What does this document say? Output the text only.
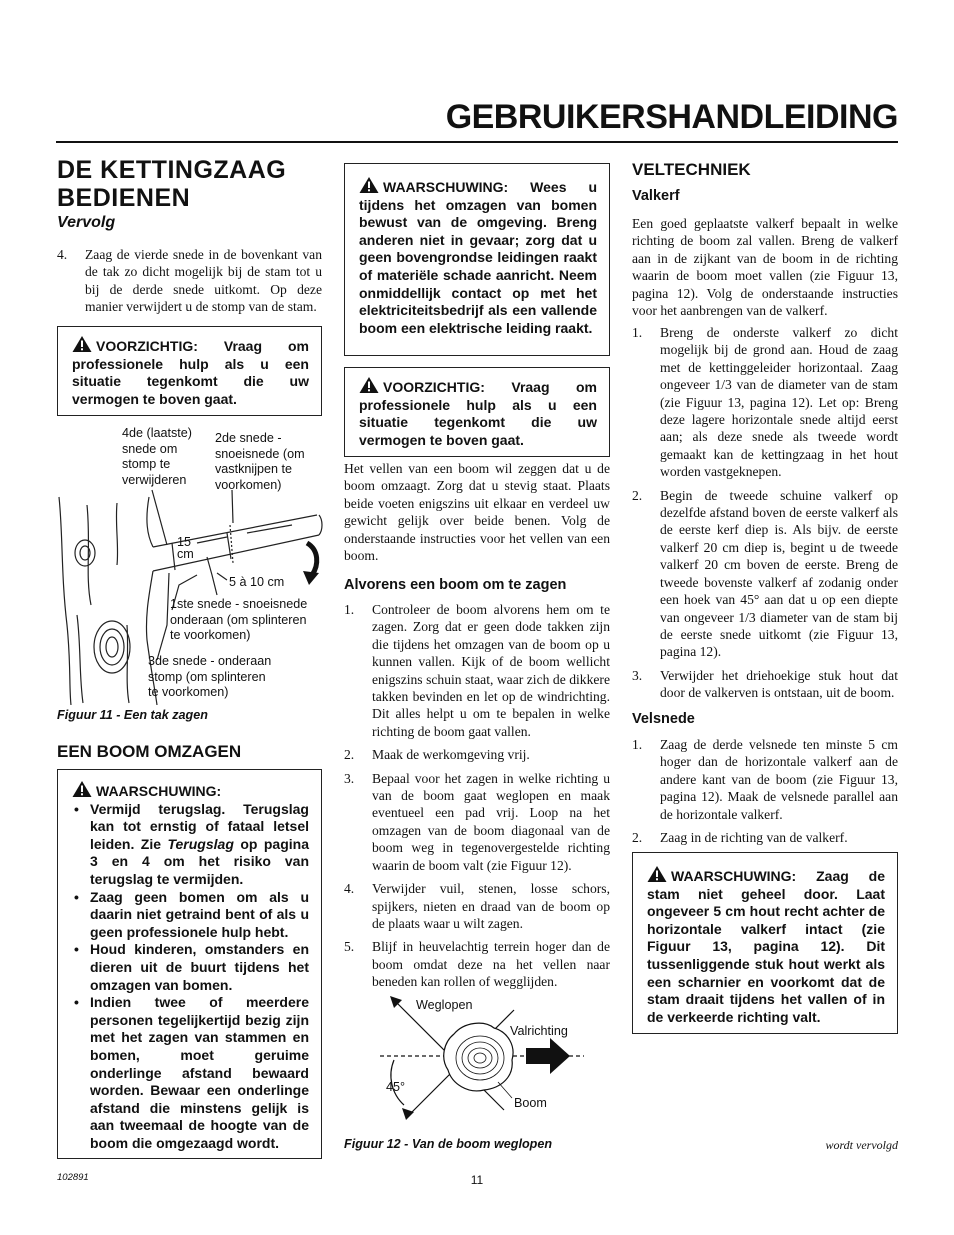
GEBRUIKERSHANDLEIDING
DE KETTINGZAAG
BEDIENEN
Vervolg
4. Zaag de vierde snede in de bovenkant van de tak zo dicht mogelijk bij de stam tot u bij de derde snede uitkomt. Op deze manier verwijdert u de stomp van de stam.
VOORZICHTIG: Vraag om professionele hulp als u een situatie tegenkomt die uw vermogen te boven gaat.
4de (laatste)
snede om
stomp te
verwijderen
2de snede -
snoeisnede (om
vastknijpen te
voorkomen)
15
cm
5 à 10 cm
1ste snede - snoeisnede
onderaan (om splinteren
te voorkomen)
3de snede - onderaan
stomp (om splinteren
te voorkomen)
Figuur 11 - Een tak zagen
EEN BOOM OMZAGEN
WAARSCHUWING:
• Vermijd terugslag. Terugslag kan tot ernstig of fataal letsel leiden. Zie Terugslag op pagina 3 en 4 om het risiko van terugslag te vermijden.
• Zaag geen bomen om als u daarin niet getraind bent of als u geen professionele hulp hebt.
• Houd kinderen, omstanders en dieren uit de buurt tijdens het omzagen van bomen.
• Indien twee of meerdere personen tegelijkertijd bezig zijn met het zagen van stammen en bomen, moet geruime onderlinge afstand bewaard worden. Bewaar een onderlinge afstand die minstens gelijk is aan tweemaal de hoogte van de boom die omgezaagd wordt.
WAARSCHUWING: Wees u tijdens het omzagen van bomen bewust van de omgeving. Breng anderen niet in gevaar; zorg dat u geen bovengrondse leidingen raakt of materiële schade aanricht. Neem onmiddellijk contact op met het elektriciteitsbedrijf als een vallende boom een elektrische leiding raakt.
VOORZICHTIG: Vraag om professionele hulp als u een situatie tegenkomt die uw vermogen te boven gaat.
Het vellen van een boom wil zeggen dat u de boom omzaagt. Zorg dat u stevig staat. Plaats beide voeten enigszins uit elkaar en verdeel uw gewicht gelijk over beide benen. Volg de onderstaande instructies voor het vellen van een boom.
Alvorens een boom om te zagen
1. Controleer de boom alvorens hem om te zagen. Zorg dat er geen dode takken zijn die tijdens het omzagen van de boom op u kunnen vallen. Kijk of de boom wellicht enigszins schuin staat, waar zich de dikkere takken bevinden en let op de windrichting. Dit alles helpt u om te bepalen in welke richting de boom gaat vallen.
2. Maak de werkomgeving vrij.
3. Bepaal voor het zagen in welke richting u van de boom gaat weglopen en maak eventueel een pad vrij. Loop na het omzagen van de boom diagonaal van de boom weg in tegenovergestelde richting waarin de boom valt (zie Figuur 12).
4. Verwijder vuil, stenen, losse schors, spijkers, nieten en draad van de boom op de plaats waar u wilt zagen.
5. Blijf in heuvelachtig terrein hoger dan de boom omdat deze na het vellen naar beneden kan rollen of wegglijden.
Weglopen
Valrichting
45°
Boom
Figuur 12 - Van de boom weglopen
VELTECHNIEK
Valkerf
Een goed geplaatste valkerf bepaalt in welke richting de boom zal vallen. Breng de valkerf aan in de zijkant van de boom in de richting waarin de boom moet vallen (zie Figuur 13, pagina 12). Volg de onderstaande instructies voor het aanbrengen van de valkerf.
1. Breng de onderste valkerf zo dicht mogelijk bij de grond aan. Houd de zaag met de kettinggeleider horizontaal. Zaag ongeveer 1/3 van de diameter van de stam (zie Figuur 13, pagina 12). Let op: Breng deze lagere horizontale snede altijd eerst aan; als deze snede als tweede wordt gemaakt kan de kettingzaag in het hout worden vastgeknepen.
2. Begin de tweede schuine valkerf op dezelfde afstand boven de eerste valkerf als de eerste kerf diep is. Als bijv. de eerste valkerf 20 cm diep is, begint u de tweede valkerf 20 cm boven de eerste. Breng de tweede bovenste valkerf af zodanig onder een hoek van 45° aan dat u op een diepte van ongeveer 1/3 diameter van de stam bij de eerste snede uitkomt (zie Figuur 13, pagina 12).
3. Verwijder het driehoekige stuk hout dat door de valkerven is ontstaan, uit de boom.
Velsnede
1. Zaag de derde velsnede ten minste 5 cm hoger dan de horizontale valkerf aan de andere kant van de boom (zie Figuur 13, pagina 12). Maak de velsnede parallel aan de horizontale valkerf.
2. Zaag in de richting van de valkerf.
WAARSCHUWING: Zaag de stam niet geheel door. Laat ongeveer 5 cm hout recht achter de horizontale valkerf intact (zie Figuur 13, pagina 12). Dit tussenliggende stuk hout werkt als een scharnier en voorkomt dat de stam draait tijdens het vallen of in de verkeerde richting valt.
wordt vervolgd
102891	11
